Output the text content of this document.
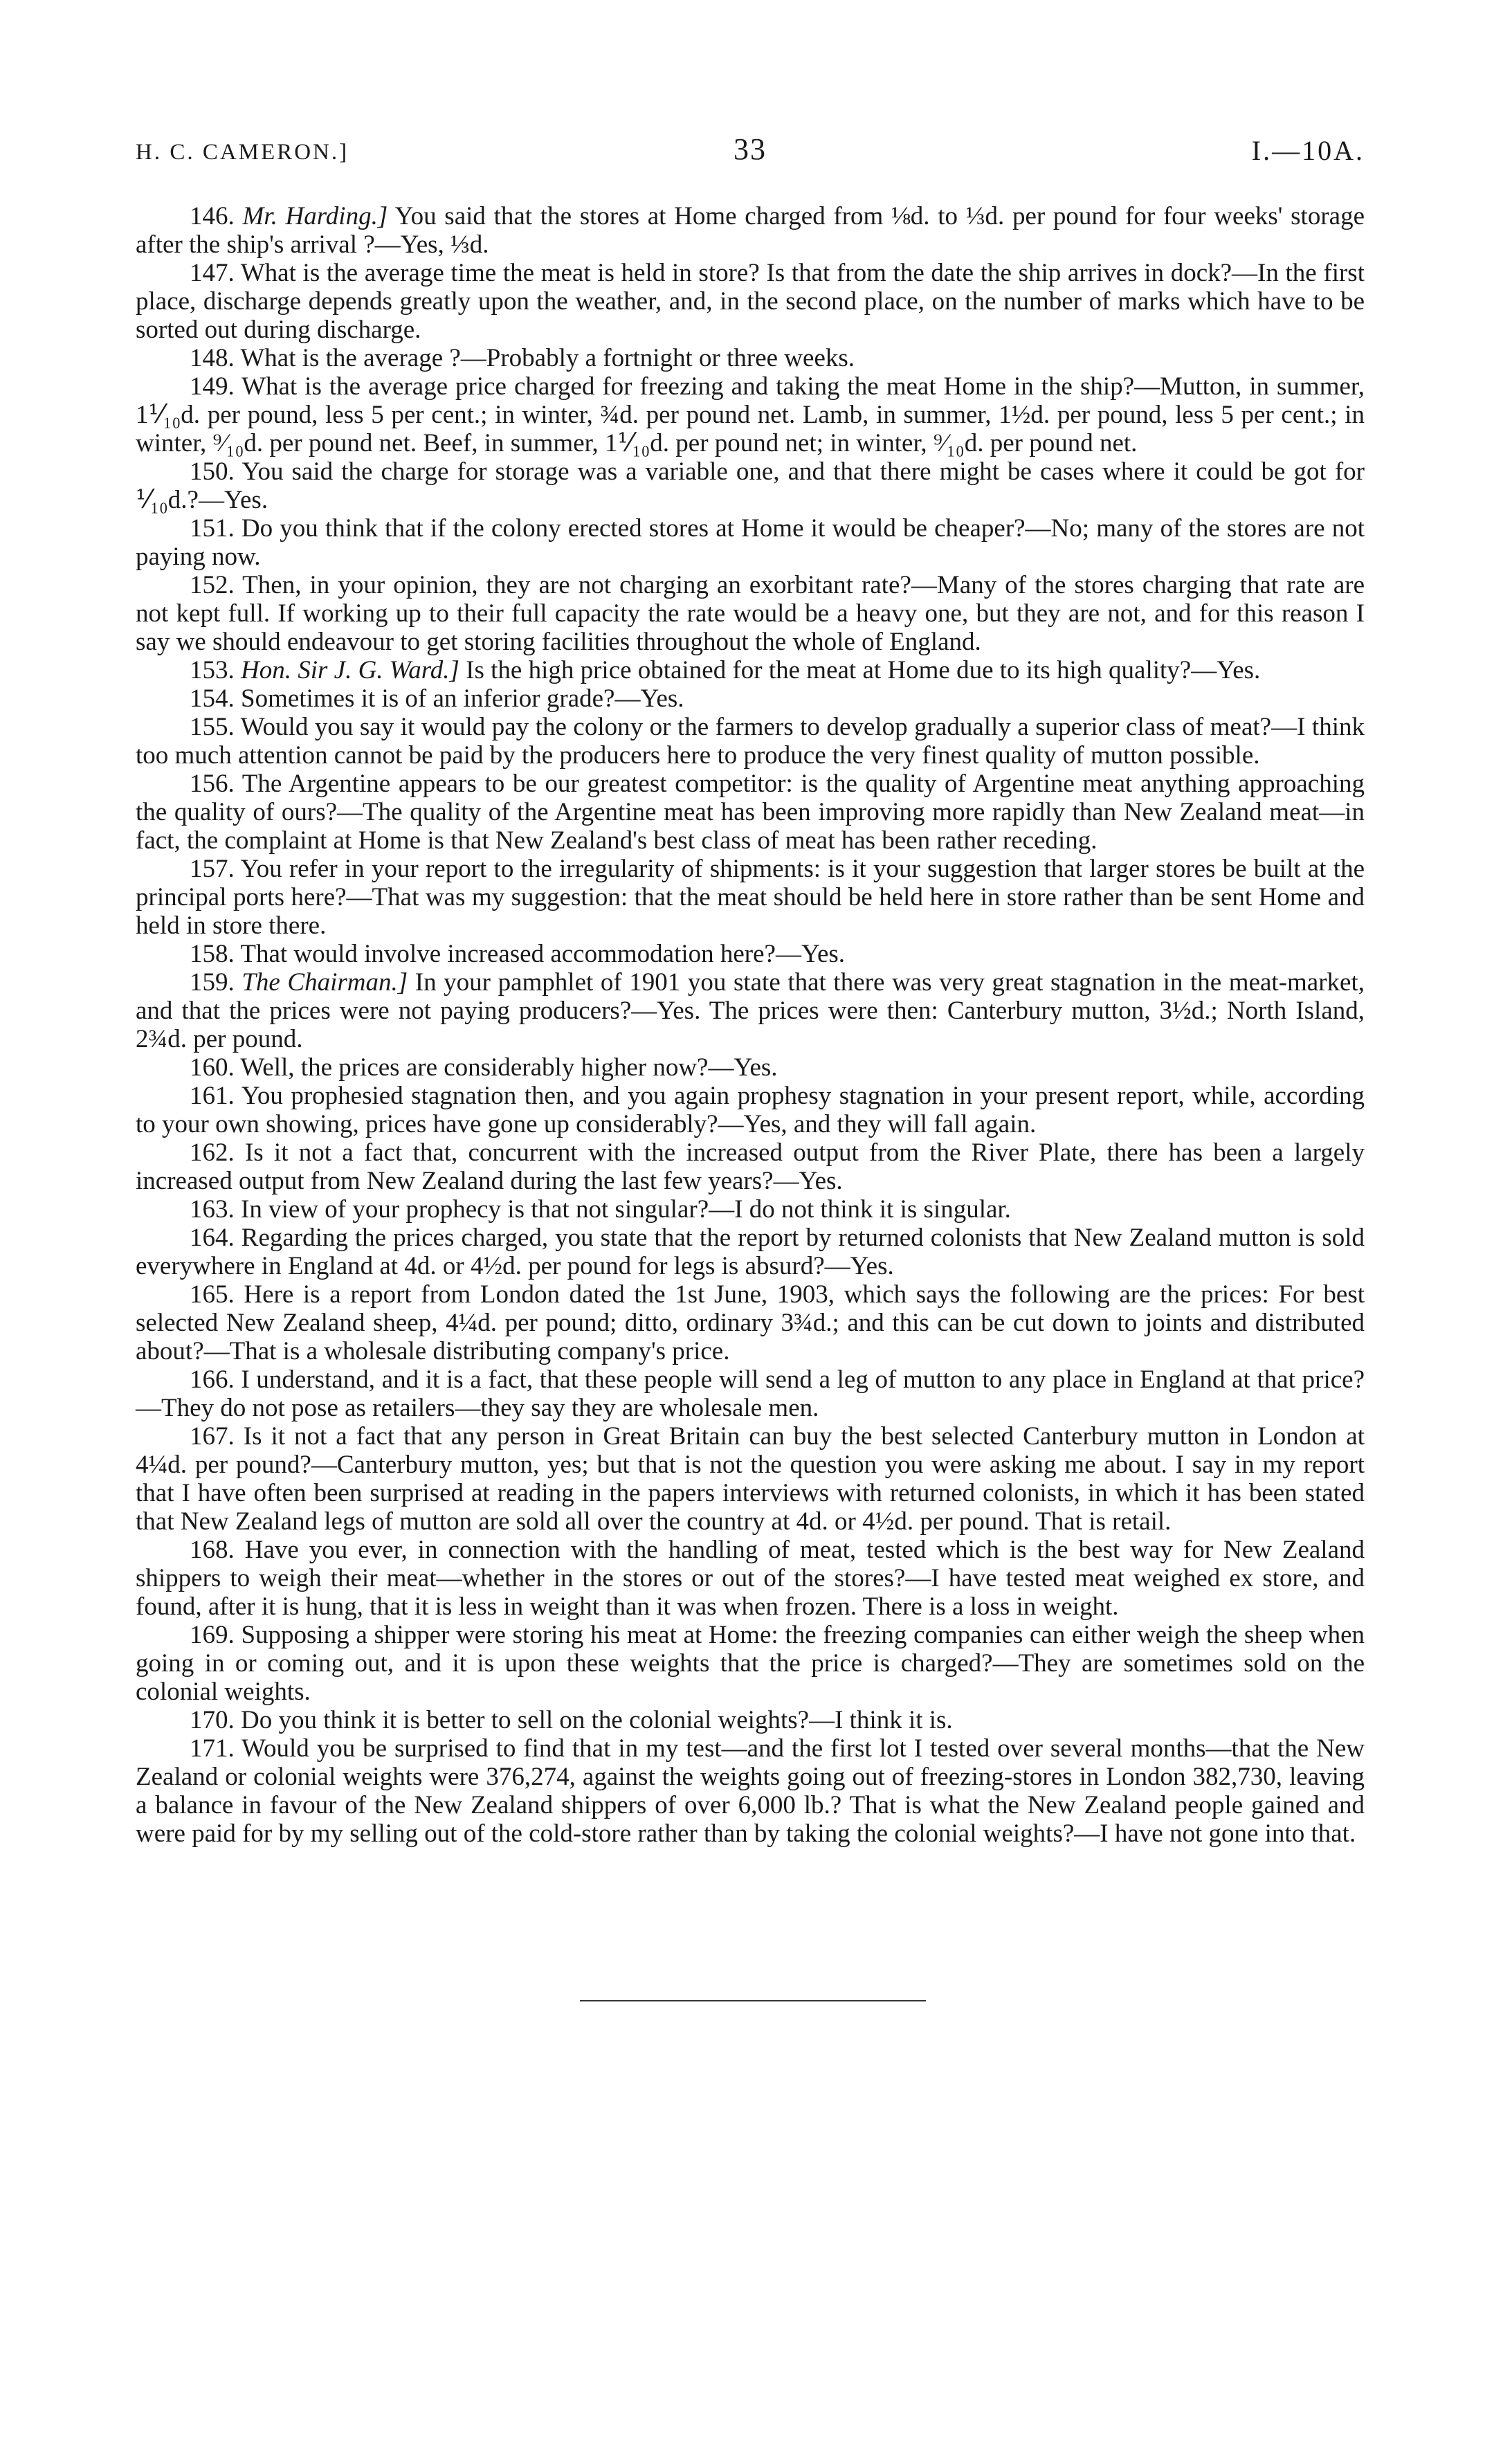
H. C. CAMERON.]	33	I.—10A.

146. Mr. Harding.] You said that the stores at Home charged from ⅛d. to ⅓d. per pound for four weeks' storage after the ship's arrival ?—Yes, ⅓d.

147. What is the average time the meat is held in store? Is that from the date the ship arrives in dock?—In the first place, discharge depends greatly upon the weather, and, in the second place, on the number of marks which have to be sorted out during discharge.

148. What is the average ?—Probably a fortnight or three weeks.

149. What is the average price charged for freezing and taking the meat Home in the ship?—Mutton, in summer, 1⅟₁₀d. per pound, less 5 per cent.; in winter, ¾d. per pound net. Lamb, in summer, 1½d. per pound, less 5 per cent.; in winter, ⁹⁄₁₀d. per pound net. Beef, in summer, 1⅟₁₀d. per pound net; in winter, ⁹⁄₁₀d. per pound net.

150. You said the charge for storage was a variable one, and that there might be cases where it could be got for ⅟₁₀d.?—Yes.

151. Do you think that if the colony erected stores at Home it would be cheaper?—No; many of the stores are not paying now.

152. Then, in your opinion, they are not charging an exorbitant rate?—Many of the stores charging that rate are not kept full. If working up to their full capacity the rate would be a heavy one, but they are not, and for this reason I say we should endeavour to get storing facilities throughout the whole of England.

153. Hon. Sir J. G. Ward.] Is the high price obtained for the meat at Home due to its high quality?—Yes.

154. Sometimes it is of an inferior grade?—Yes.

155. Would you say it would pay the colony or the farmers to develop gradually a superior class of meat?—I think too much attention cannot be paid by the producers here to produce the very finest quality of mutton possible.

156. The Argentine appears to be our greatest competitor: is the quality of Argentine meat anything approaching the quality of ours?—The quality of the Argentine meat has been improving more rapidly than New Zealand meat—in fact, the complaint at Home is that New Zealand's best class of meat has been rather receding.

157. You refer in your report to the irregularity of shipments: is it your suggestion that larger stores be built at the principal ports here?—That was my suggestion: that the meat should be held here in store rather than be sent Home and held in store there.

158. That would involve increased accommodation here?—Yes.

159. The Chairman.] In your pamphlet of 1901 you state that there was very great stagnation in the meat-market, and that the prices were not paying producers?—Yes. The prices were then: Canterbury mutton, 3½d.; North Island, 2¾d. per pound.

160. Well, the prices are considerably higher now?—Yes.

161. You prophesied stagnation then, and you again prophesy stagnation in your present report, while, according to your own showing, prices have gone up considerably?—Yes, and they will fall again.

162. Is it not a fact that, concurrent with the increased output from the River Plate, there has been a largely increased output from New Zealand during the last few years?—Yes.

163. In view of your prophecy is that not singular?—I do not think it is singular.

164. Regarding the prices charged, you state that the report by returned colonists that New Zealand mutton is sold everywhere in England at 4d. or 4½d. per pound for legs is absurd?—Yes.

165. Here is a report from London dated the 1st June, 1903, which says the following are the prices: For best selected New Zealand sheep, 4¼d. per pound; ditto, ordinary 3¾d.; and this can be cut down to joints and distributed about?—That is a wholesale distributing company's price.

166. I understand, and it is a fact, that these people will send a leg of mutton to any place in England at that price?—They do not pose as retailers—they say they are wholesale men.

167. Is it not a fact that any person in Great Britain can buy the best selected Canterbury mutton in London at 4¼d. per pound?—Canterbury mutton, yes; but that is not the question you were asking me about. I say in my report that I have often been surprised at reading in the papers interviews with returned colonists, in which it has been stated that New Zealand legs of mutton are sold all over the country at 4d. or 4½d. per pound. That is retail.

168. Have you ever, in connection with the handling of meat, tested which is the best way for New Zealand shippers to weigh their meat—whether in the stores or out of the stores?—I have tested meat weighed ex store, and found, after it is hung, that it is less in weight than it was when frozen. There is a loss in weight.

169. Supposing a shipper were storing his meat at Home: the freezing companies can either weigh the sheep when going in or coming out, and it is upon these weights that the price is charged?—They are sometimes sold on the colonial weights.

170. Do you think it is better to sell on the colonial weights?—I think it is.

171. Would you be surprised to find that in my test—and the first lot I tested over several months—that the New Zealand or colonial weights were 376,274, against the weights going out of freezing-stores in London 382,730, leaving a balance in favour of the New Zealand shippers of over 6,000 lb.? That is what the New Zealand people gained and were paid for by my selling out of the cold-store rather than by taking the colonial weights?—I have not gone into that.
